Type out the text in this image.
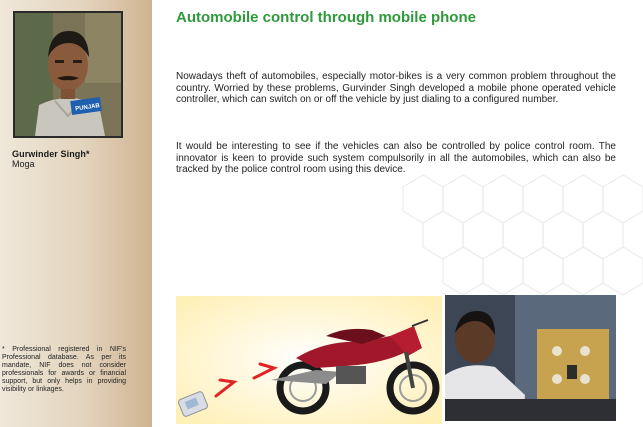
PUNJAB
Gurwinder Singh*
Moga
* Professional registered in NIF's Professional database. As per its mandate, NIF does not consider professionals for awards or financial support, but only helps in providing visibility or linkages.
Automobile control through mobile phone
Nowadays theft of automobiles, especially motor-bikes is a very common problem throughout the country. Worried by these problems, Gurvinder Singh developed a mobile phone operated vehicle controller, which can switch on or off the vehicle by just dialing to a configured number.
It would be interesting to see if the vehicles can also be controlled by police control room. The innovator is keen to provide such system compulsorily in all the automobiles, which can also be tracked by the police control room using this device.
